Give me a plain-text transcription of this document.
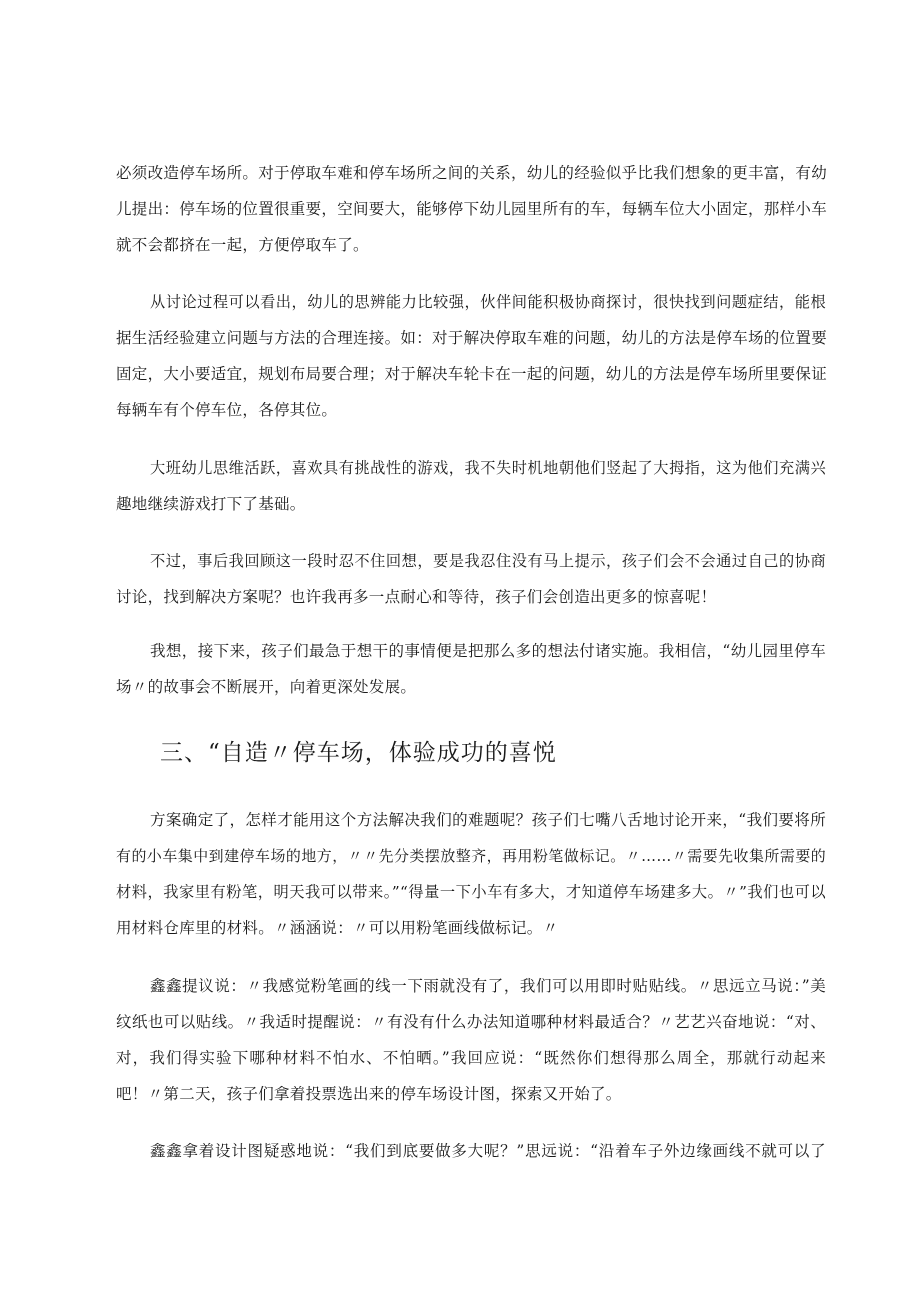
必须改造停车场所。对于停取车难和停车场所之间的关系，幼儿的经验似乎比我们想象的更丰富，有幼
儿提出：停车场的位置很重要，空间要大，能够停下幼儿园里所有的车，每辆车位大小固定，那样小车
就不会都挤在一起，方便停取车了。

从讨论过程可以看出，幼儿的思辨能力比较强，伙伴间能积极协商探讨，很快找到问题症结，能根
据生活经验建立问题与方法的合理连接。如：对于解决停取车难的问题，幼儿的方法是停车场的位置要
固定，大小要适宜，规划布局要合理；对于解决车轮卡在一起的问题，幼儿的方法是停车场所里要保证
每辆车有个停车位，各停其位。

大班幼儿思维活跃，喜欢具有挑战性的游戏，我不失时机地朝他们竖起了大拇指，这为他们充满兴
趣地继续游戏打下了基础。

不过，事后我回顾这一段时忍不住回想，要是我忍住没有马上提示，孩子们会不会通过自己的协商
讨论，找到解决方案呢？也许我再多一点耐心和等待，孩子们会创造出更多的惊喜呢！

我想，接下来，孩子们最急于想干的事情便是把那么多的想法付诸实施。我相信，“幼儿园里停车
场〃的故事会不断展开，向着更深处发展。

三、“自造〃停车场，体验成功的喜悦

方案确定了，怎样才能用这个方法解决我们的难题呢？孩子们七嘴八舌地讨论开来，“我们要将所
有的小车集中到建停车场的地方，〃〃先分类摆放整齐，再用粉笔做标记。〃……〃需要先收集所需要的
材料，我家里有粉笔，明天我可以带来。”“得量一下小车有多大，才知道停车场建多大。〃”我们也可以
用材料仓库里的材料。〃涵涵说：〃可以用粉笔画线做标记。〃

鑫鑫提议说：〃我感觉粉笔画的线一下雨就没有了，我们可以用即时贴贴线。〃思远立马说：”美
纹纸也可以贴线。〃我适时提醒说：〃有没有什么办法知道哪种材料最适合？〃艺艺兴奋地说：“对、
对，我们得实验下哪种材料不怕水、不怕晒。”我回应说：“既然你们想得那么周全，那就行动起来
吧！〃第二天，孩子们拿着投票选出来的停车场设计图，探索又开始了。

鑫鑫拿着设计图疑惑地说：“我们到底要做多大呢？”思远说：“沿着车子外边缘画线不就可以了
